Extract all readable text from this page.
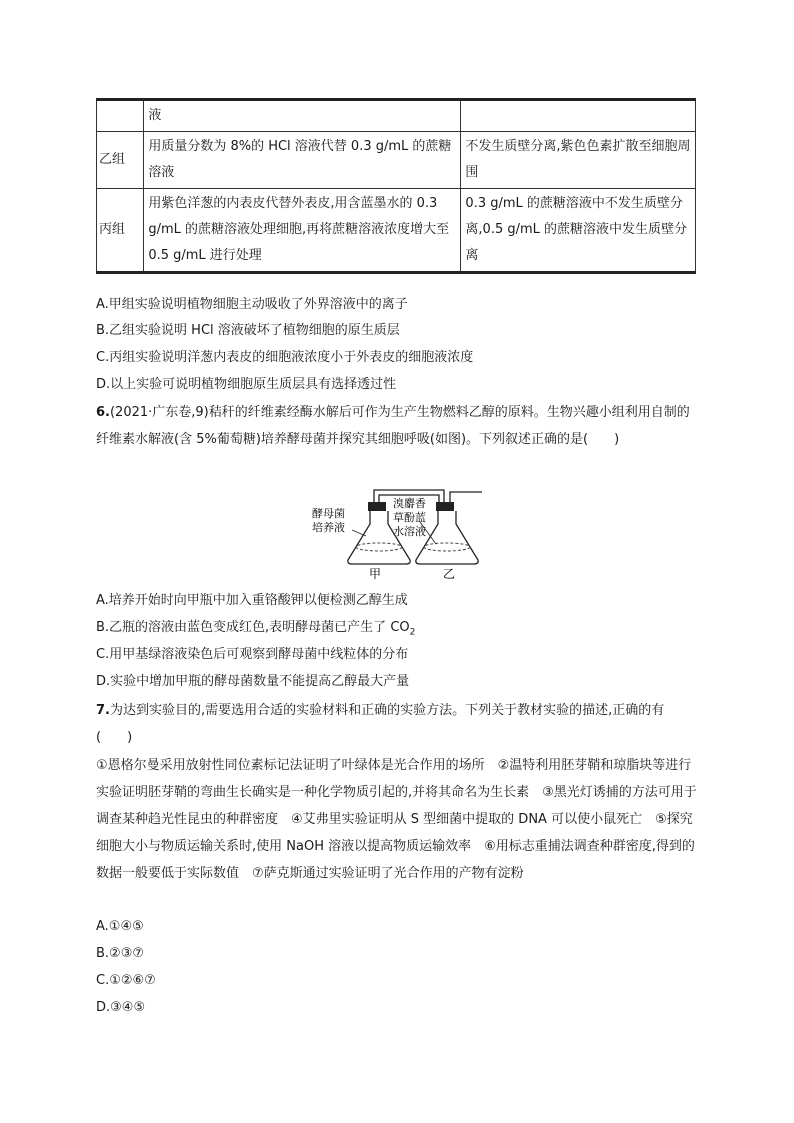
	液	
乙组	用质量分数为 8%的 HCl 溶液代替 0.3 g/mL 的蔗糖溶液	不发生质壁分离,紫色色素扩散至细胞周围
丙组	用紫色洋葱的内表皮代替外表皮,用含蓝墨水的 0.3 g/mL 的蔗糖溶液处理细胞,再将蔗糖溶液浓度增大至 0.5 g/mL 进行处理	0.3 g/mL 的蔗糖溶液中不发生质壁分离,0.5 g/mL 的蔗糖溶液中发生质壁分离
A.甲组实验说明植物细胞主动吸收了外界溶液中的离子
B.乙组实验说明 HCl 溶液破坏了植物细胞的原生质层
C.丙组实验说明洋葱内表皮的细胞液浓度小于外表皮的细胞液浓度
D.以上实验可说明植物细胞原生质层具有选择透过性
6.(2021·广东卷,9)秸秆的纤维素经酶水解后可作为生产生物燃料乙醇的原料。生物兴趣小组利用自制的纤维素水解液(含 5%葡萄糖)培养酵母菌并探究其细胞呼吸(如图)。下列叙述正确的是(　　)
酵母菌
培养液
溴麝香
草酚蓝
水溶液
甲	乙
A.培养开始时向甲瓶中加入重铬酸钾以便检测乙醇生成
B.乙瓶的溶液由蓝色变成红色,表明酵母菌已产生了 $CO_2$
C.用甲基绿溶液染色后可观察到酵母菌中线粒体的分布
D.实验中增加甲瓶的酵母菌数量不能提高乙醇最大产量
7.为达到实验目的,需要选用合适的实验材料和正确的实验方法。下列关于教材实验的描述,正确的有(　　)
①恩格尔曼采用放射性同位素标记法证明了叶绿体是光合作用的场所　②温特利用胚芽鞘和琼脂块等进行实验证明胚芽鞘的弯曲生长确实是一种化学物质引起的,并将其命名为生长素　③黑光灯诱捕的方法可用于调查某种趋光性昆虫的种群密度　④艾弗里实验证明从 S 型细菌中提取的 DNA 可以使小鼠死亡　⑤探究细胞大小与物质运输关系时,使用 NaOH 溶液以提高物质运输效率　⑥用标志重捕法调查种群密度,得到的数据一般要低于实际数值　⑦萨克斯通过实验证明了光合作用的产物有淀粉
A.①④⑤
B.②③⑦
C.①②⑥⑦
D.③④⑤
